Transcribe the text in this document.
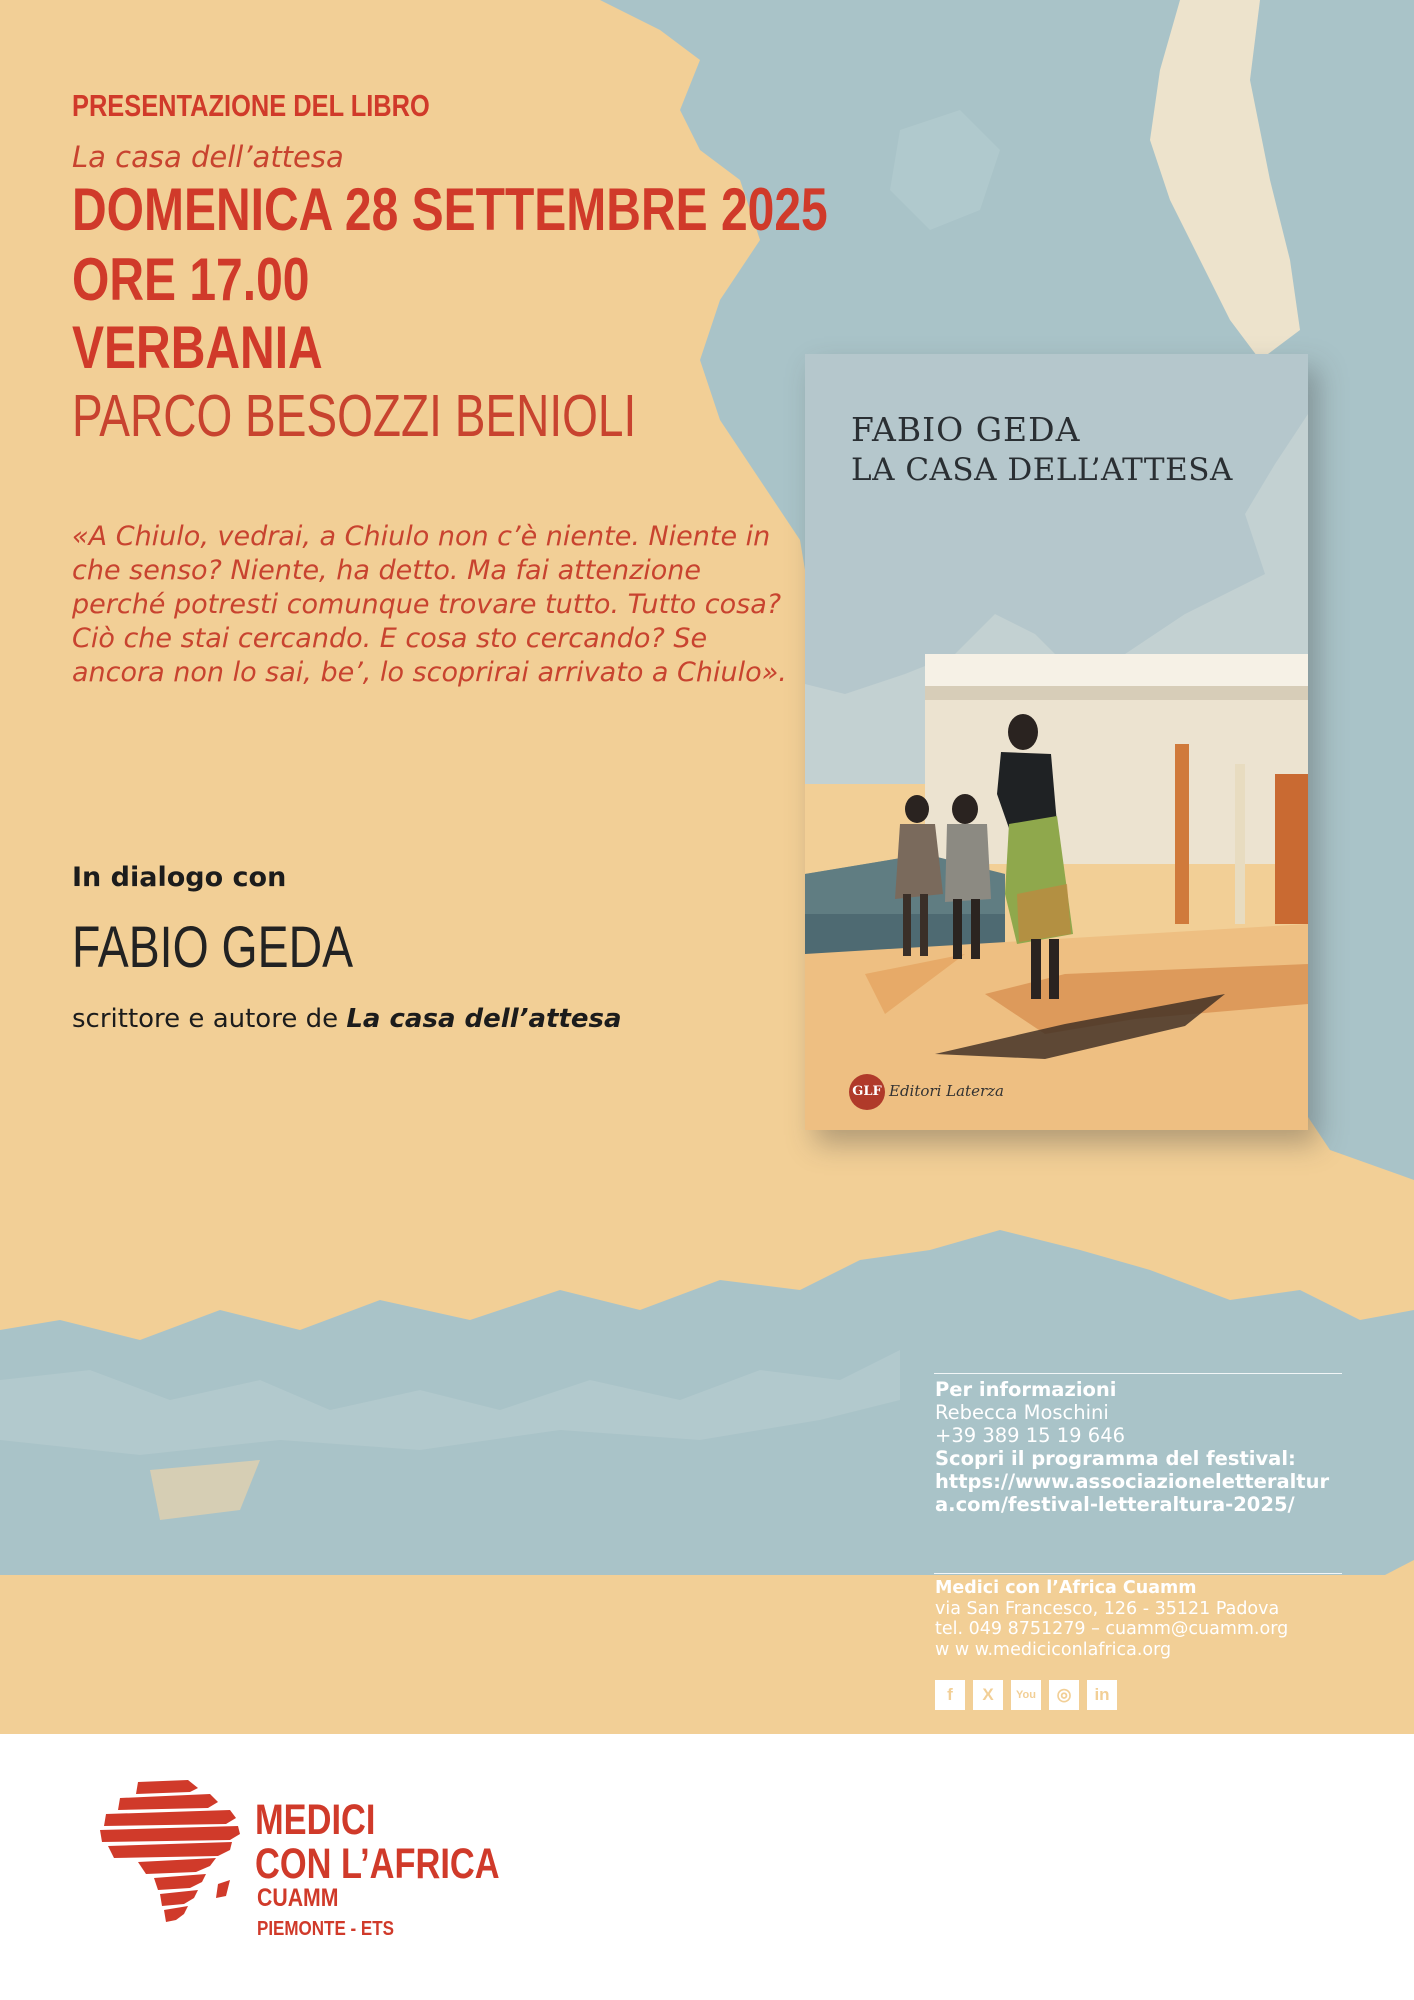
PRESENTAZIONE DEL LIBRO
La casa dell’attesa
DOMENICA 28 SETTEMBRE 2025
ORE 17.00
VERBANIA
PARCO BESOZZI BENIOLI
«A Chiulo, vedrai, a Chiulo non c’è niente. Niente in che senso? Niente, ha detto. Ma fai attenzione perché potresti comunque trovare tutto. Tutto cosa? Ciò che stai cercando. E cosa sto cercando? Se ancora non lo sai, be’, lo scoprirai arrivato a Chiulo».
In dialogo con
FABIO GEDA
scrittore e autore de La casa dell’attesa
FABIO GEDA
LA CASA DELL’ATTESA
GLF Editori Laterza
Per informazioni
Rebecca Moschini
+39 389 15 19 646
Scopri il programma del festival:
https://www.associazioneletteraltura.com/festival-letteraltura-2025/
Medici con l’Africa Cuamm
via San Francesco, 126 - 35121 Padova
tel. 049 8751279 – cuamm@cuamm.org
w w w.mediciconlafrica.org
f	X	You	◎	in
MEDICI
CON L’AFRICA
CUAMM
PIEMONTE - ETS
